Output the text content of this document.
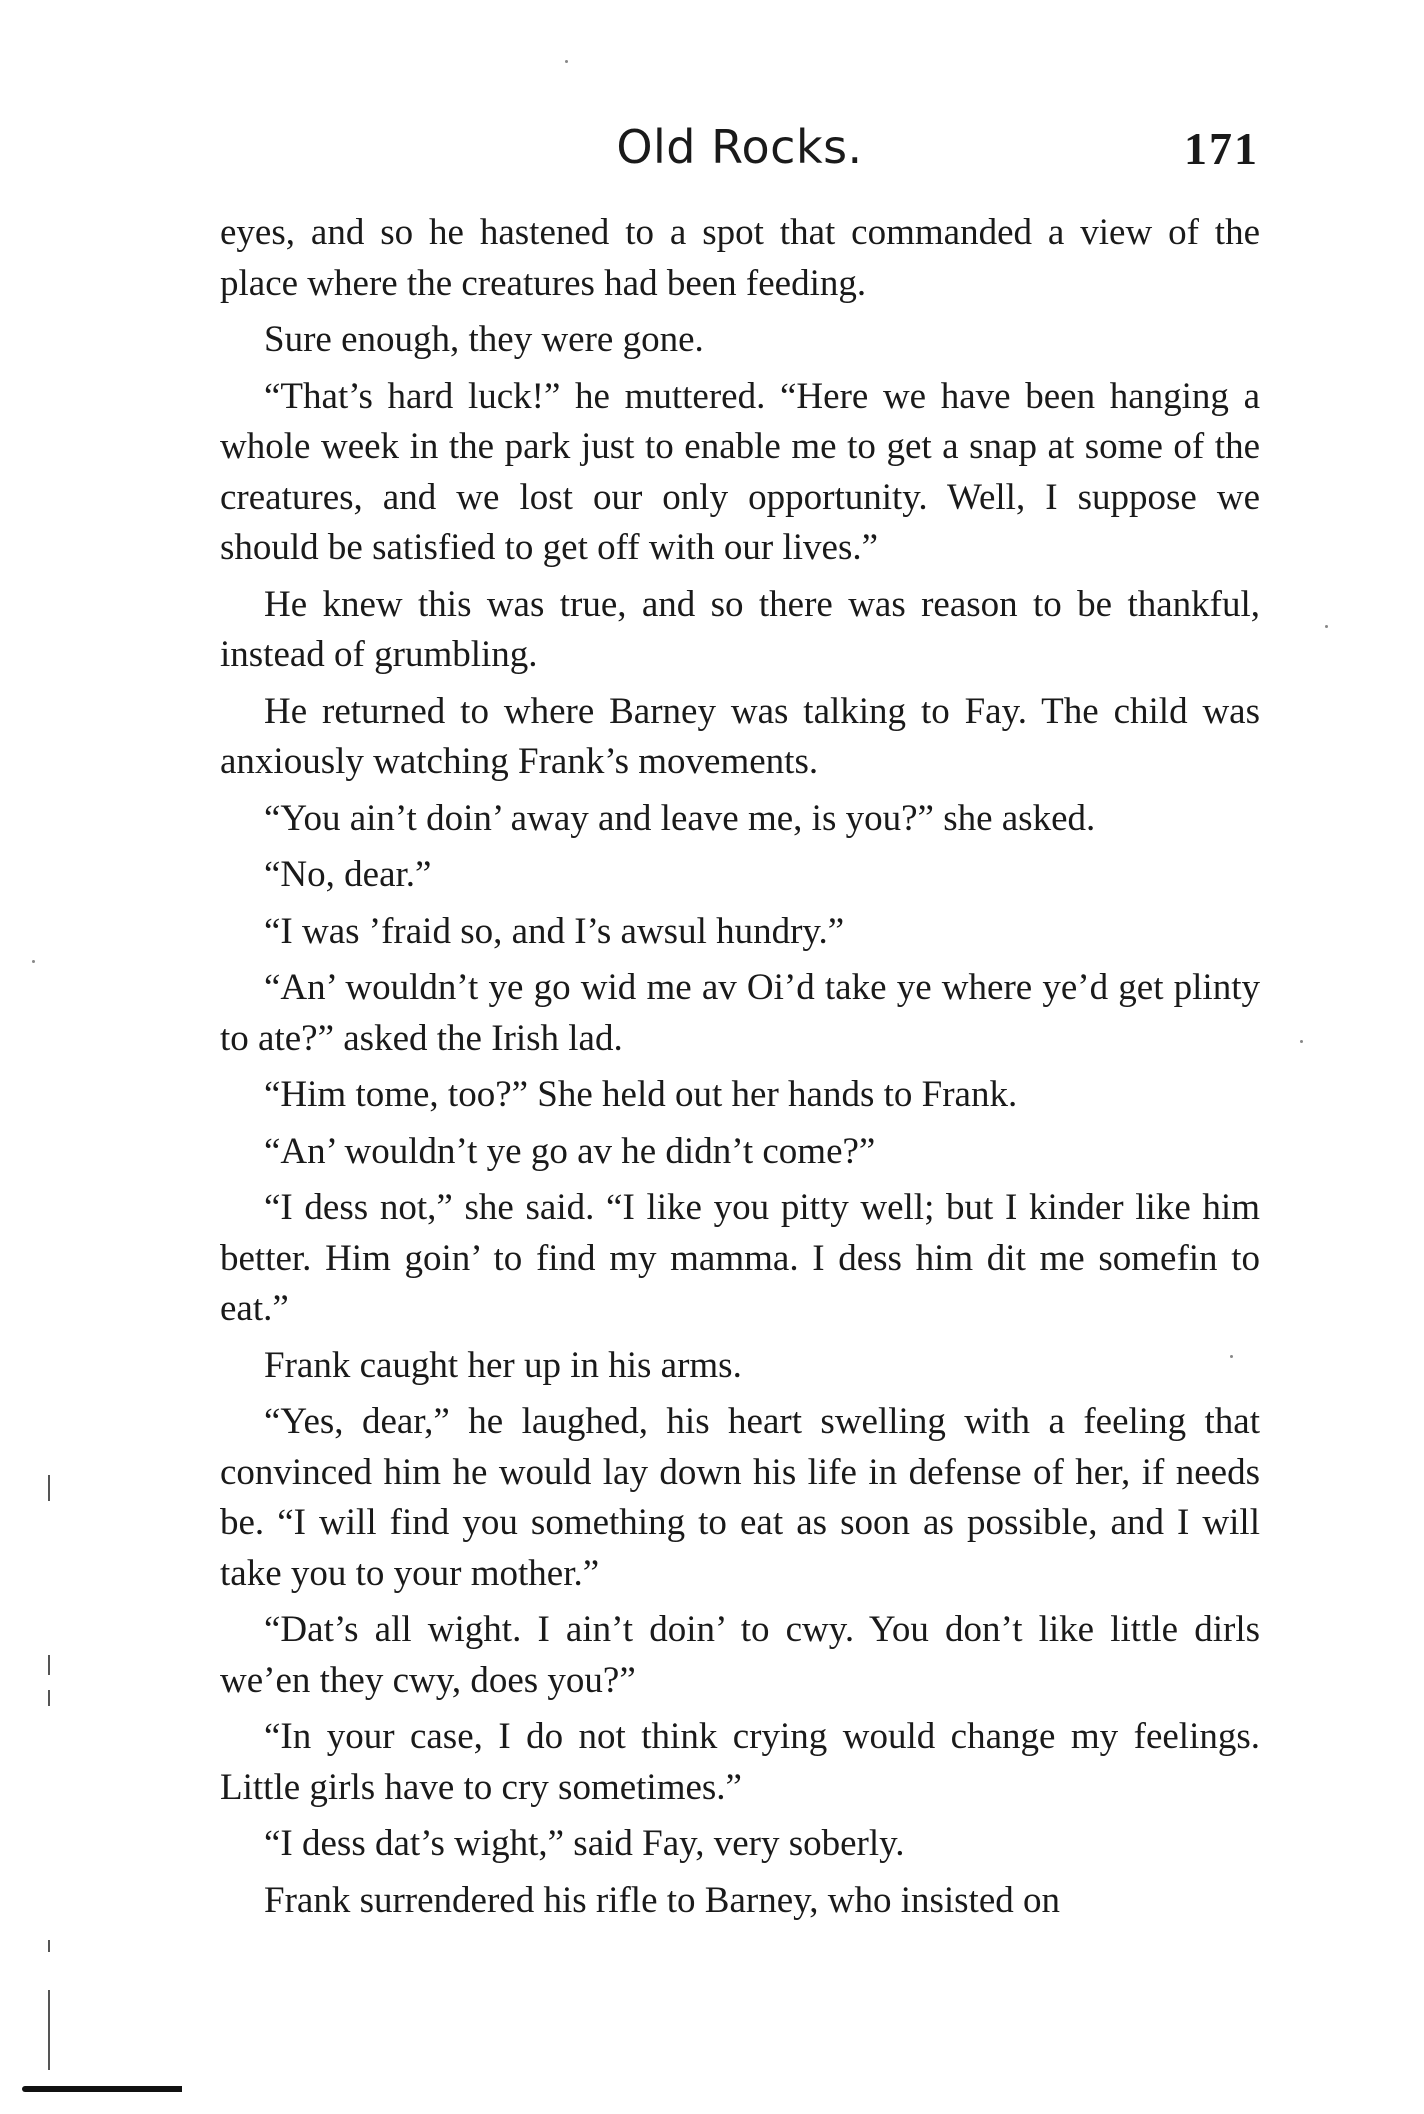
Old Rocks.	171

eyes, and so he hastened to a spot that commanded a view of the place where the creatures had been feeding.

Sure enough, they were gone.

“That’s hard luck!” he muttered. “Here we have been hanging a whole week in the park just to enable me to get a snap at some of the creatures, and we lost our only opportunity. Well, I suppose we should be satisfied to get off with our lives.”

He knew this was true, and so there was reason to be thankful, instead of grumbling.

He returned to where Barney was talking to Fay. The child was anxiously watching Frank’s movements.

“You ain’t doin’ away and leave me, is you?” she asked.

“No, dear.”

“I was ’fraid so, and I’s awsul hundry.”

“An’ wouldn’t ye go wid me av Oi’d take ye where ye’d get plinty to ate?” asked the Irish lad.

“Him tome, too?” She held out her hands to Frank.

“An’ wouldn’t ye go av he didn’t come?”

“I dess not,” she said. “I like you pitty well; but I kinder like him better. Him goin’ to find my mamma. I dess him dit me somefin to eat.”

Frank caught her up in his arms.

“Yes, dear,” he laughed, his heart swelling with a feeling that convinced him he would lay down his life in defense of her, if needs be. “I will find you something to eat as soon as possible, and I will take you to your mother.”

“Dat’s all wight. I ain’t doin’ to cwy. You don’t like little dirls we’en they cwy, does you?”

“In your case, I do not think crying would change my feelings. Little girls have to cry sometimes.”

“I dess dat’s wight,” said Fay, very soberly.

Frank surrendered his rifle to Barney, who insisted on
